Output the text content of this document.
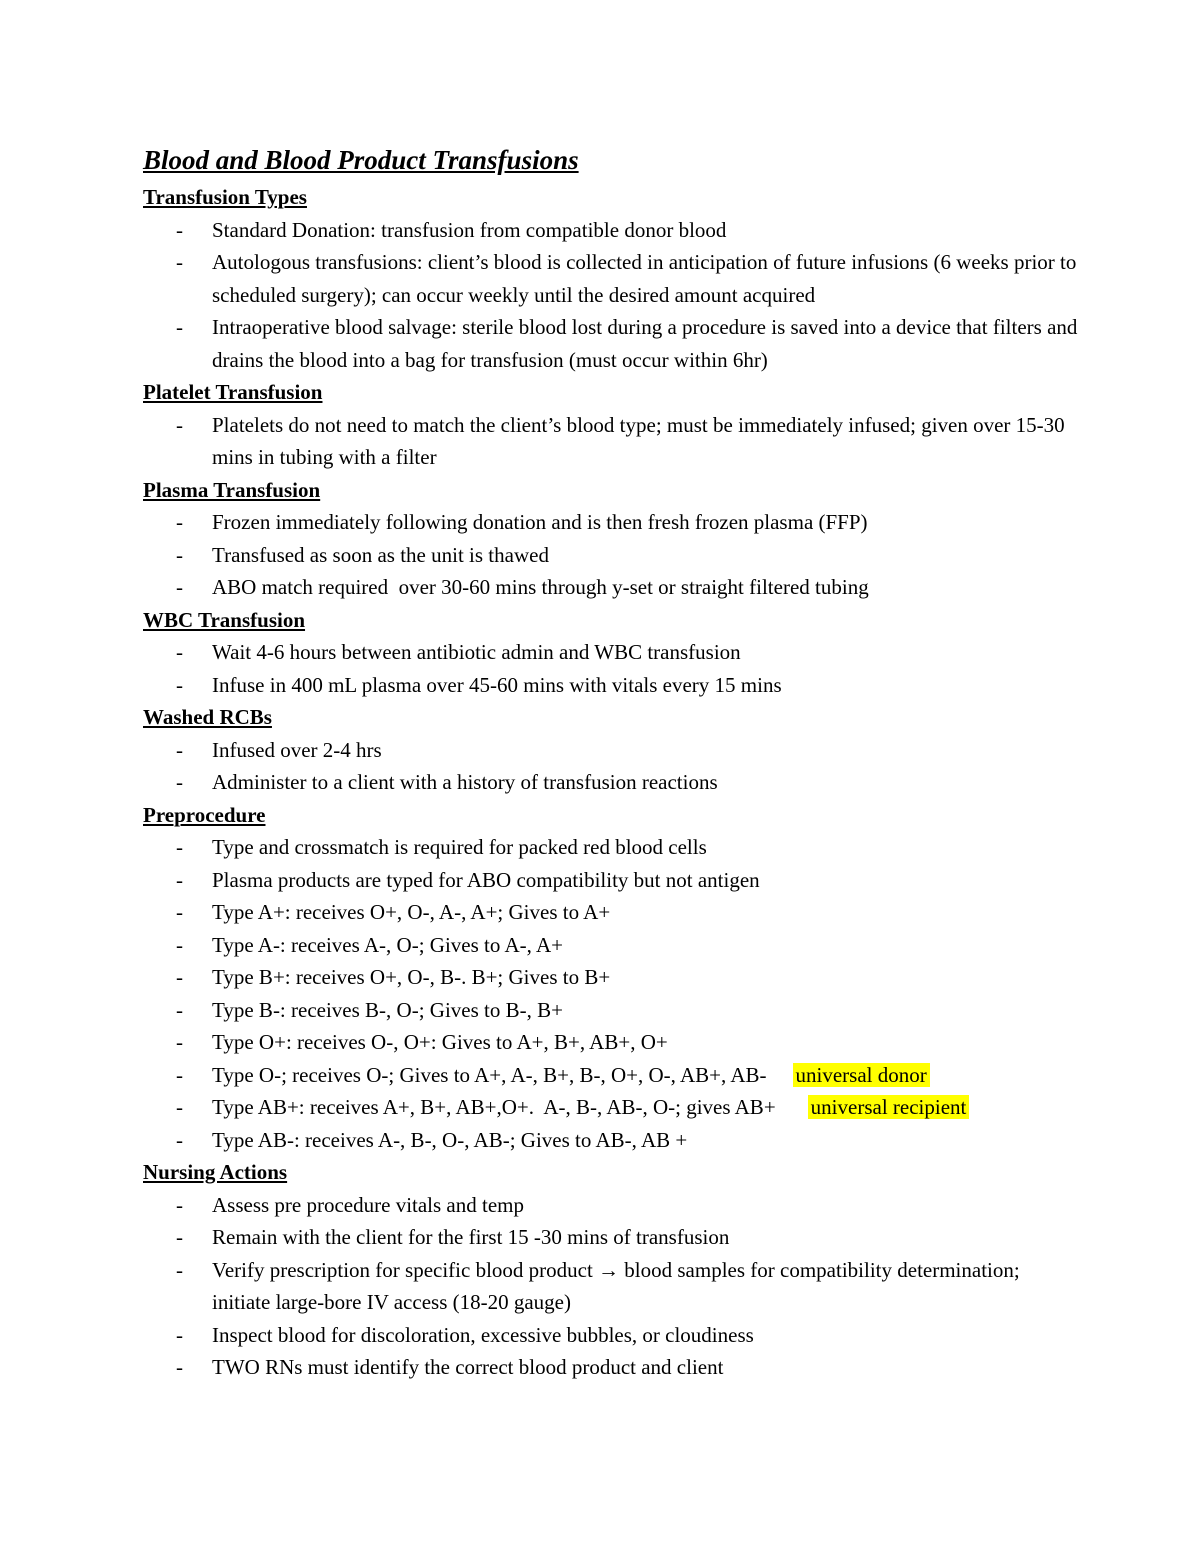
Blood and Blood Product Transfusions
Transfusion Types
- Standard Donation: transfusion from compatible donor blood
- Autologous transfusions: client’s blood is collected in anticipation of future infusions (6 weeks prior to scheduled surgery); can occur weekly until the desired amount acquired
- Intraoperative blood salvage: sterile blood lost during a procedure is saved into a device that filters and drains the blood into a bag for transfusion (must occur within 6hr)
Platelet Transfusion
- Platelets do not need to match the client’s blood type; must be immediately infused; given over 15-30 mins in tubing with a filter
Plasma Transfusion
- Frozen immediately following donation and is then fresh frozen plasma (FFP)
- Transfused as soon as the unit is thawed
- ABO match required  over 30-60 mins through y-set or straight filtered tubing
WBC Transfusion
- Wait 4-6 hours between antibiotic admin and WBC transfusion
- Infuse in 400 mL plasma over 45-60 mins with vitals every 15 mins
Washed RCBs
- Infused over 2-4 hrs
- Administer to a client with a history of transfusion reactions
Preprocedure
- Type and crossmatch is required for packed red blood cells
- Plasma products are typed for ABO compatibility but not antigen
- Type A+: receives O+, O-, A-, A+; Gives to A+
- Type A-: receives A-, O-; Gives to A-, A+
- Type B+: receives O+, O-, B-. B+; Gives to B+
- Type B-: receives B-, O-; Gives to B-, B+
- Type O+: receives O-, O+: Gives to A+, B+, AB+, O+
- Type O-; receives O-; Gives to A+, A-, B+, B-, O+, O-, AB+, AB- universal donor
- Type AB+: receives A+, B+, AB+,O+.  A-, B-, AB-, O-; gives AB+ universal recipient
- Type AB-: receives A-, B-, O-, AB-; Gives to AB-, AB +
Nursing Actions
- Assess pre procedure vitals and temp
- Remain with the client for the first 15 -30 mins of transfusion
- Verify prescription for specific blood product → blood samples for compatibility determination; initiate large-bore IV access (18-20 gauge)
- Inspect blood for discoloration, excessive bubbles, or cloudiness
- TWO RNs must identify the correct blood product and client
